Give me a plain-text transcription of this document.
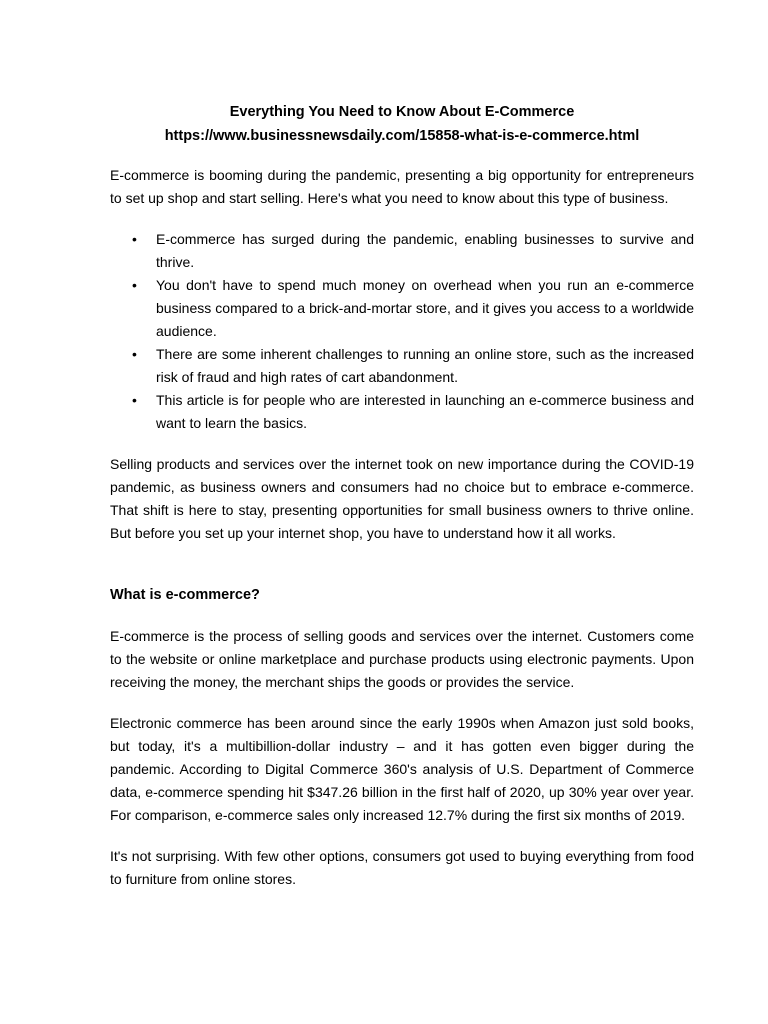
Everything You Need to Know About E-Commerce

https://www.businessnewsdaily.com/15858-what-is-e-commerce.html

E-commerce is booming during the pandemic, presenting a big opportunity for entrepreneurs to set up shop and start selling. Here's what you need to know about this type of business.

• E-commerce has surged during the pandemic, enabling businesses to survive and thrive.
• You don't have to spend much money on overhead when you run an e-commerce business compared to a brick-and-mortar store, and it gives you access to a worldwide audience.
• There are some inherent challenges to running an online store, such as the increased risk of fraud and high rates of cart abandonment.
• This article is for people who are interested in launching an e-commerce business and want to learn the basics.

Selling products and services over the internet took on new importance during the COVID-19 pandemic, as business owners and consumers had no choice but to embrace e-commerce. That shift is here to stay, presenting opportunities for small business owners to thrive online. But before you set up your internet shop, you have to understand how it all works.

What is e-commerce?

E-commerce is the process of selling goods and services over the internet. Customers come to the website or online marketplace and purchase products using electronic payments. Upon receiving the money, the merchant ships the goods or provides the service.

Electronic commerce has been around since the early 1990s when Amazon just sold books, but today, it's a multibillion-dollar industry – and it has gotten even bigger during the pandemic. According to Digital Commerce 360's analysis of U.S. Department of Commerce data, e-commerce spending hit $347.26 billion in the first half of 2020, up 30% year over year. For comparison, e-commerce sales only increased 12.7% during the first six months of 2019.

It's not surprising. With few other options, consumers got used to buying everything from food to furniture from online stores.
